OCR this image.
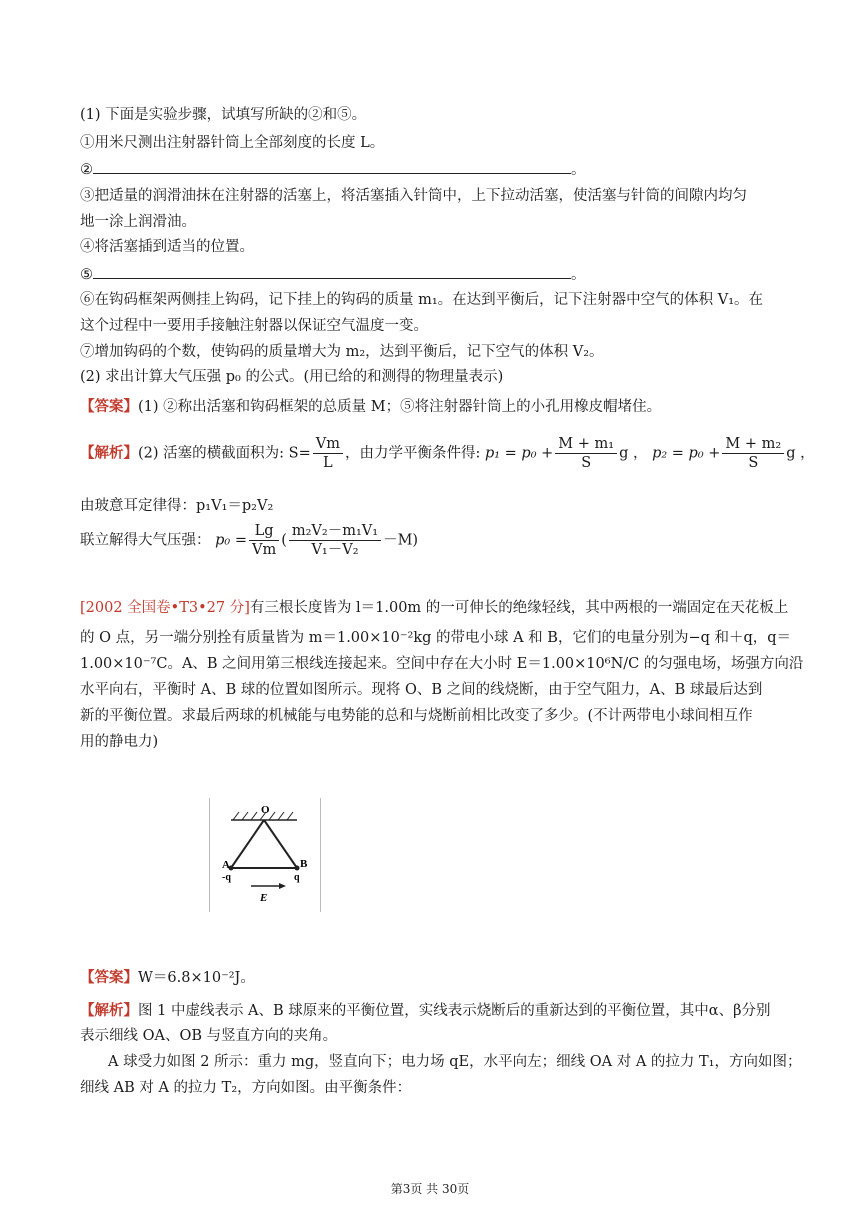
(1) 下面是实验步骤，试填写所缺的②和⑤。
①用米尺测出注射器针筒上全部刻度的长度 L。
②	。
③把适量的润滑油抹在注射器的活塞上，将活塞插入针筒中，上下拉动活塞，使活塞与针筒的间隙内均匀
地一涂上润滑油。
④将活塞插到适当的位置。
⑤	。
⑥在钩码框架两侧挂上钩码，记下挂上的钩码的质量 m₁。在达到平衡后，记下注射器中空气的体积 V₁。在
这个过程中一要用手接触注射器以保证空气温度一变。
⑦增加钩码的个数，使钩码的质量增大为 m₂，达到平衡后，记下空气的体积 V₂。
(2) 求出计算大气压强 p₀ 的公式。(用已给的和测得的物理量表示)
【答案】(1) ②称出活塞和钩码框架的总质量 M；⑤将注射器针筒上的小孔用橡皮帽堵住。
【解析】(2) 活塞的横截面积为: $S= \frac{Vm}{L}$ ，由力学平衡条件得: $p_1 = p_0 + \frac{\text{M + m₁}}{S}$ g ， $p_2 = p_0 + \frac{\text{M + m₂}}{S}$ g ，
由玻意耳定律得：p₁V₁＝p₂V₂
联立解得大气压强： $p_0 = \frac{Lg}{Vm}$ ( $\frac{\text{m₂V₂－m₁V₁}}{\text{V₁－V₂}} -M$)
[2002 全国卷•T3•27 分]有三根长度皆为 l＝1.00m 的一可伸长的绝缘轻线，其中两根的一端固定在天花板上
的 O 点，另一端分别拴有质量皆为 m＝1.00×10⁻²kg 的带电小球 A 和 B，它们的电量分别为−q 和＋q，q＝
1.00×10⁻⁷C。A、B 之间用第三根线连接起来。空间中存在大小时 E＝1.00×10⁶N/C 的匀强电场，场强方向沿
水平向右，平衡时 A、B 球的位置如图所示。现将 O、B 之间的线烧断，由于空气阻力，A、B 球最后达到
新的平衡位置。求最后两球的机械能与电势能的总和与烧断前相比改变了多少。(不计两带电小球间相互作
用的静电力)
O
A	B
-q	q
E
【答案】W＝6.8×10⁻²J。
【解析】图 1 中虚线表示 A、B 球原来的平衡位置，实线表示烧断后的重新达到的平衡位置，其中α、β分别
表示细线 OA、OB 与竖直方向的夹角。
A 球受力如图 2 所示：重力 mg，竖直向下；电力场 qE，水平向左；细线 OA 对 A 的拉力 T₁，方向如图；
细线 AB 对 A 的拉力 T₂，方向如图。由平衡条件：
第3页 共 30页
